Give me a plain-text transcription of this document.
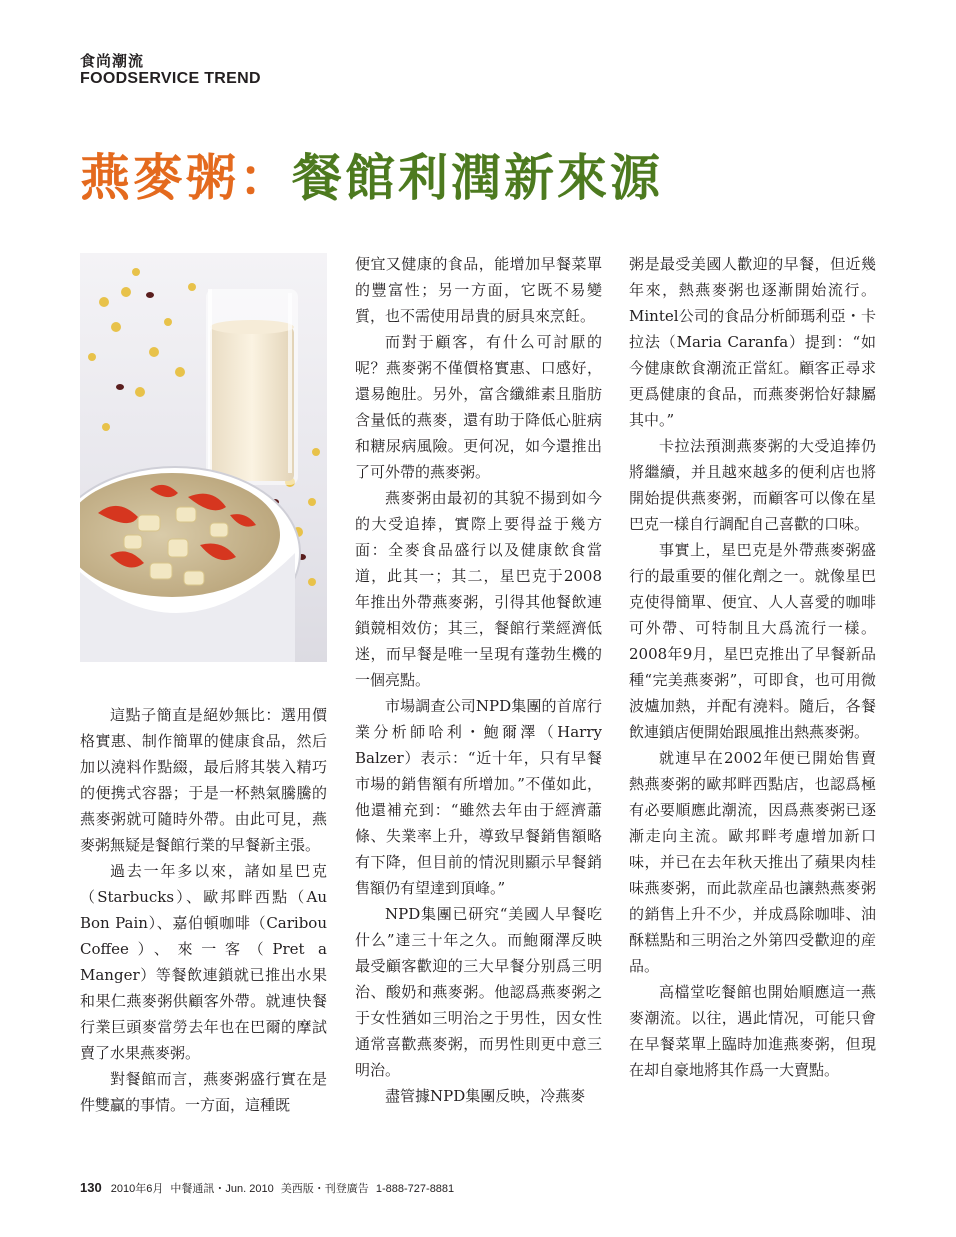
食尚潮流
FOODSERVICE TREND
燕麥粥：餐館利潤新來源

這點子簡直是絕妙無比：選用價格實惠、制作簡單的健康食品，然后加以澆料作點綴，最后將其裝入精巧的便携式容器；于是一杯熱氣騰騰的燕麥粥就可隨時外帶。由此可見，燕麥粥無疑是餐館行業的早餐新主張。

過去一年多以來，諸如星巴克（Starbucks）、歐邦畔西點（Au Bon Pain）、嘉伯頓咖啡（Caribou Coffee）、來一客（Pret a Manger）等餐飲連鎖就已推出水果和果仁燕麥粥供顧客外帶。就連快餐行業巨頭麥當勞去年也在巴爾的摩試賣了水果燕麥粥。

對餐館而言，燕麥粥盛行實在是件雙贏的事情。一方面，這種既

便宜又健康的食品，能增加早餐菜單的豐富性；另一方面，它既不易變質，也不需使用昂貴的厨具來烹飪。

而對于顧客，有什么可討厭的呢？燕麥粥不僅價格實惠、口感好，還易飽肚。另外，富含纖維素且脂肪含量低的燕麥，還有助于降低心脏病和糖尿病風險。更何况，如今還推出了可外帶的燕麥粥。

燕麥粥由最初的其貌不揚到如今的大受追捧，實際上要得益于幾方面：全麥食品盛行以及健康飲食當道，此其一；其二，星巴克于2008年推出外帶燕麥粥，引得其他餐飲連鎖競相效仿；其三，餐館行業經濟低迷，而早餐是唯一呈現有蓬勃生機的一個亮點。

市場調查公司NPD集團的首席行業分析師哈利・鮑爾澤（Harry Balzer）表示：“近十年，只有早餐市場的銷售額有所增加。”不僅如此，他還補充到：“雖然去年由于經濟蕭條、失業率上升，導致早餐銷售額略有下降，但目前的情況則顯示早餐銷售額仍有望達到頂峰。”

NPD集團已研究“美國人早餐吃什么”達三十年之久。而鮑爾澤反映最受顧客歡迎的三大早餐分别爲三明治、酸奶和燕麥粥。他認爲燕麥粥之于女性猶如三明治之于男性，因女性通常喜歡燕麥粥，而男性則更中意三明治。

盡管據NPD集團反映，冷燕麥

粥是最受美國人歡迎的早餐，但近幾年來，熱燕麥粥也逐漸開始流行。Mintel公司的食品分析師瑪利亞・卡拉法（Maria Caranfa）提到：“如今健康飲食潮流正當紅。顧客正尋求更爲健康的食品，而燕麥粥恰好隸屬其中。”

卡拉法預測燕麥粥的大受追捧仍將繼續，并且越來越多的便利店也將開始提供燕麥粥，而顧客可以像在星巴克一樣自行調配自己喜歡的口味。

事實上，星巴克是外帶燕麥粥盛行的最重要的催化劑之一。就像星巴克使得簡單、便宜、人人喜愛的咖啡可外帶、可特制且大爲流行一樣。2008年9月，星巴克推出了早餐新品種“完美燕麥粥”，可即食，也可用微波爐加熱，并配有澆料。隨后，各餐飲連鎖店便開始跟風推出熱燕麥粥。

就連早在2002年便已開始售賣熱燕麥粥的歐邦畔西點店，也認爲極有必要順應此潮流，因爲燕麥粥已逐漸走向主流。歐邦畔考慮增加新口味，并已在去年秋天推出了蘋果肉桂味燕麥粥，而此款産品也讓熱燕麥粥的銷售上升不少，并成爲除咖啡、油酥糕點和三明治之外第四受歡迎的産品。

高檔堂吃餐館也開始順應這一燕麥潮流。以往，遇此情况，可能只會在早餐菜單上臨時加進燕麥粥，但現在却自豪地將其作爲一大賣點。

130 2010年6月 中餐通訊・Jun. 2010 美西版・刊登廣告 1-888-727-8881
